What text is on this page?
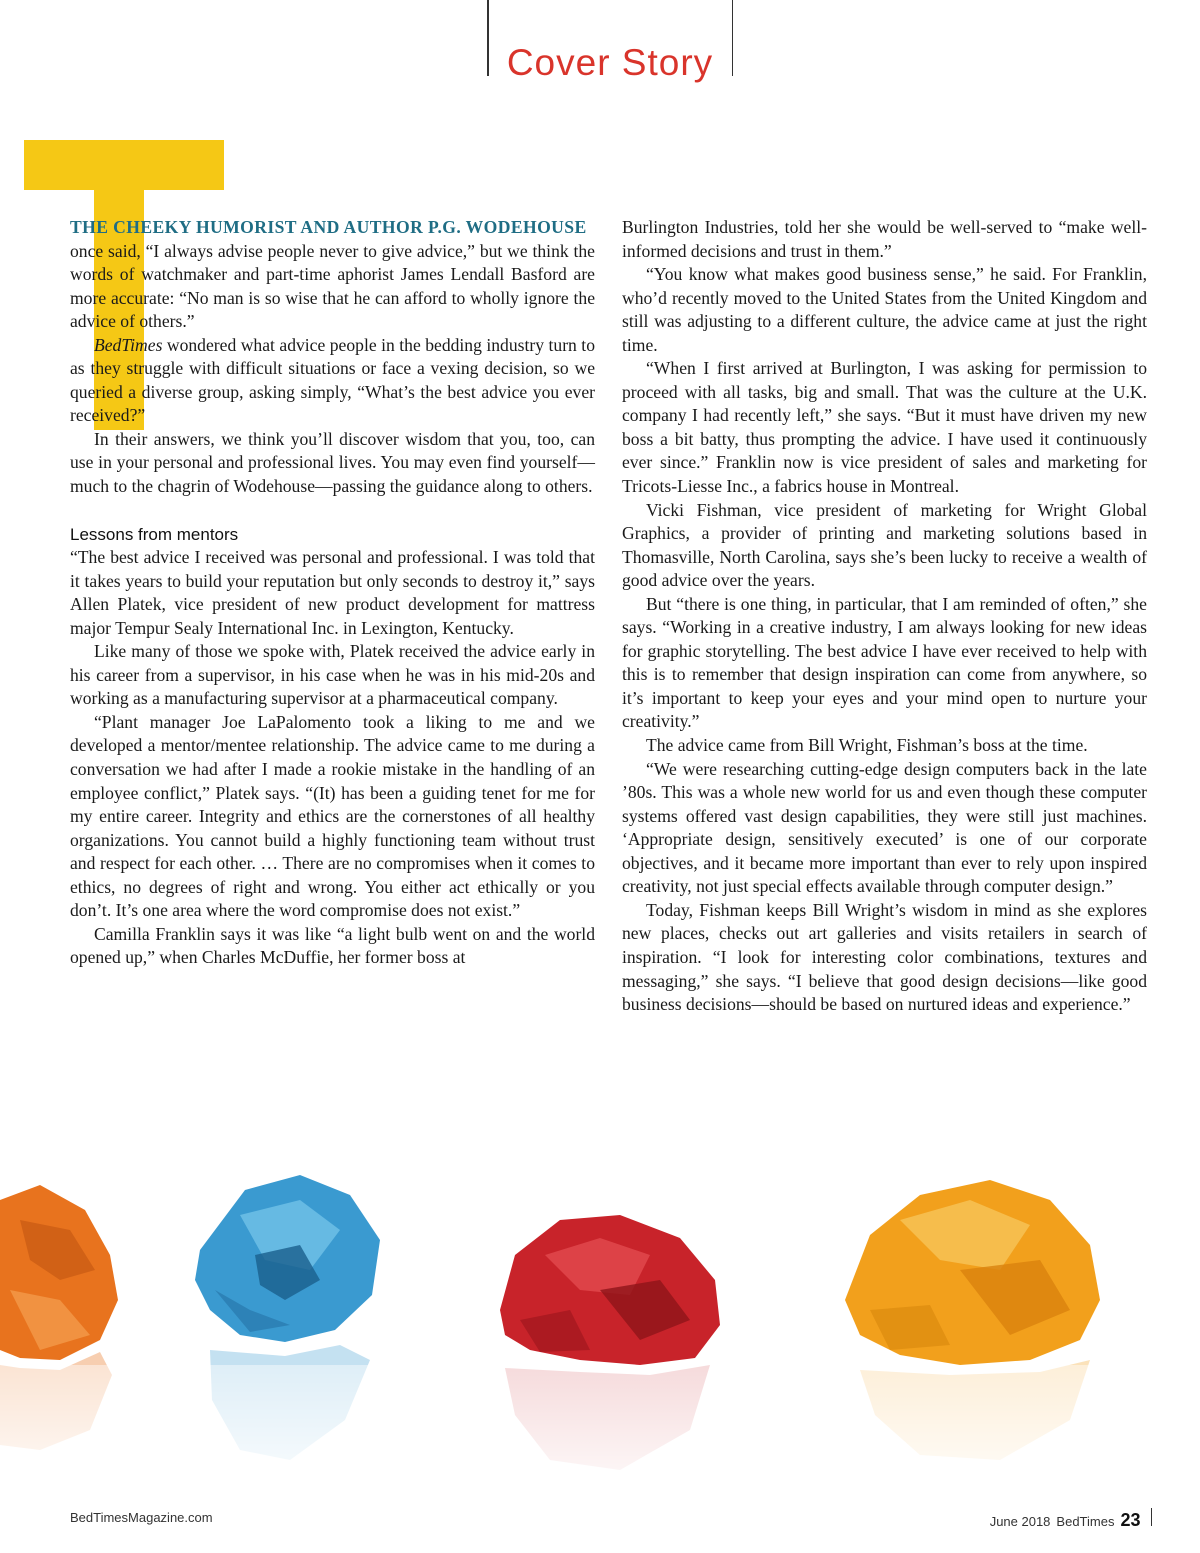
Cover Story

THE CHEEKY HUMORIST AND AUTHOR P.G. WODEHOUSE
once said, “I always advise people never to give advice,” but we think the words of watchmaker and part-time aphorist James Lendall Basford are more accurate: “No man is so wise that he can afford to wholly ignore the advice of others.”

BedTimes wondered what advice people in the bedding industry turn to as they struggle with difficult situations or face a vexing decision, so we queried a diverse group, asking simply, “What’s the best advice you ever received?”

In their answers, we think you’ll discover wisdom that you, too, can use in your personal and professional lives. You may even find yourself—much to the chagrin of Wodehouse—passing the guidance along to others.

Lessons from mentors

“The best advice I received was personal and professional. I was told that it takes years to build your reputation but only seconds to destroy it,” says Allen Platek, vice president of new product development for mattress major Tempur Sealy International Inc. in Lexington, Kentucky.

Like many of those we spoke with, Platek received the advice early in his career from a supervisor, in his case when he was in his mid-20s and working as a manufacturing supervisor at a pharmaceutical company.

“Plant manager Joe LaPalomento took a liking to me and we developed a mentor/mentee relationship. The advice came to me during a conversation we had after I made a rookie mistake in the handling of an employee conflict,” Platek says. “(It) has been a guiding tenet for me for my entire career. Integrity and ethics are the cornerstones of all healthy organizations. You cannot build a highly functioning team without trust and respect for each other. … There are no compromises when it comes to ethics, no degrees of right and wrong. You either act ethically or you don’t. It’s one area where the word compromise does not exist.”

Camilla Franklin says it was like “a light bulb went on and the world opened up,” when Charles McDuffie, her former boss at

Burlington Industries, told her she would be well-served to “make well-informed decisions and trust in them.”

“You know what makes good business sense,” he said. For Franklin, who’d recently moved to the United States from the United Kingdom and still was adjusting to a different culture, the advice came at just the right time.

“When I first arrived at Burlington, I was asking for permission to proceed with all tasks, big and small. That was the culture at the U.K. company I had recently left,” she says. “But it must have driven my new boss a bit batty, thus prompting the advice. I have used it continuously ever since.” Franklin now is vice president of sales and marketing for Tricots-Liesse Inc., a fabrics house in Montreal.

Vicki Fishman, vice president of marketing for Wright Global Graphics, a provider of printing and marketing solutions based in Thomasville, North Carolina, says she’s been lucky to receive a wealth of good advice over the years.

But “there is one thing, in particular, that I am reminded of often,” she says. “Working in a creative industry, I am always looking for new ideas for graphic storytelling. The best advice I have ever received to help with this is to remember that design inspiration can come from anywhere, so it’s important to keep your eyes and your mind open to nurture your creativity.”

The advice came from Bill Wright, Fishman’s boss at the time.

“We were researching cutting-edge design computers back in the late ’80s. This was a whole new world for us and even though these computer systems offered vast design capabilities, they were still just machines. ‘Appropriate design, sensitively executed’ is one of our corporate objectives, and it became more important than ever to rely upon inspired creativity, not just special effects available through computer design.”

Today, Fishman keeps Bill Wright’s wisdom in mind as she explores new places, checks out art galleries and visits retailers in search of inspiration. “I look for interesting color combinations, textures and messaging,” she says. “I believe that good design decisions—like good business decisions—should be based on nurtured ideas and experience.”

BedTimesMagazine.com	June 2018 BedTimes 23
